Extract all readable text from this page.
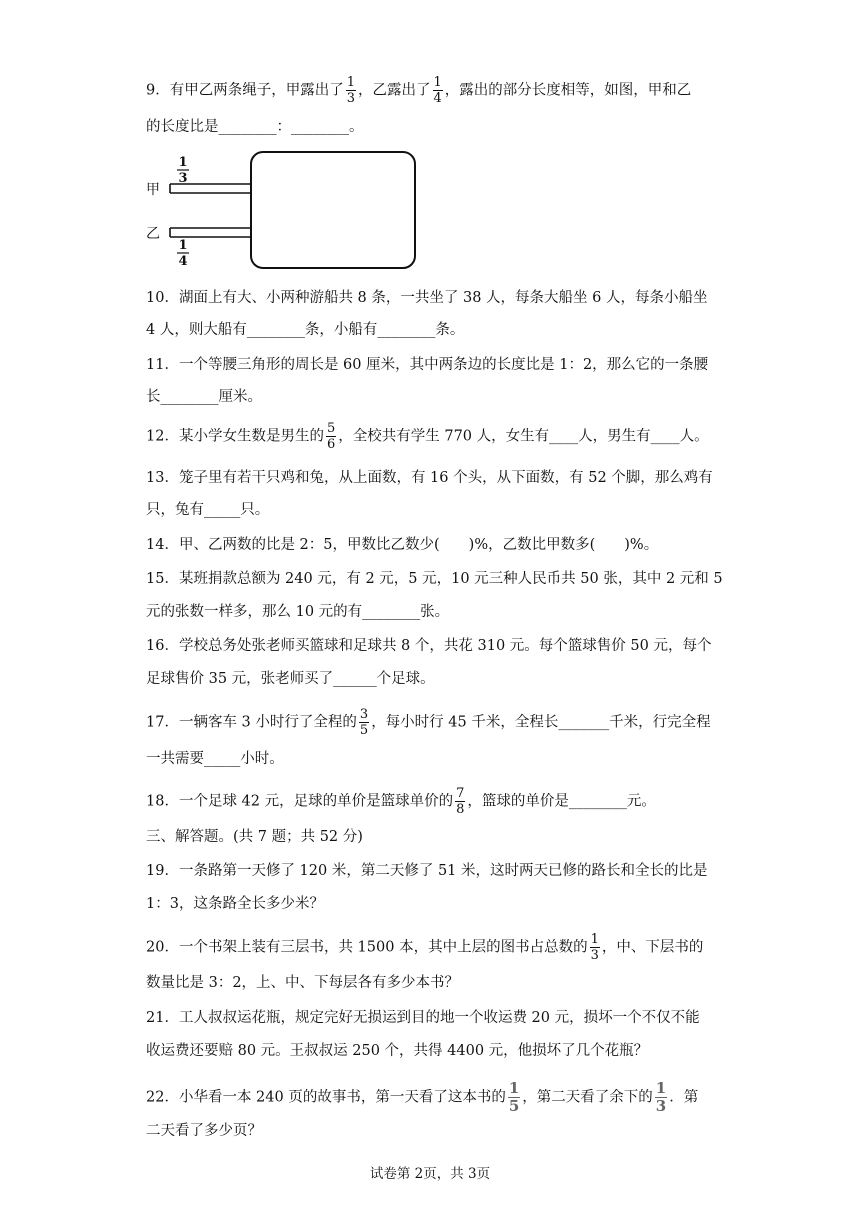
9．有甲乙两条绳子，甲露出了 $\frac{1}{3}$ ，乙露出了 $\frac{1}{4}$ ，露出的部分长度相等，如图，甲和乙
的长度比是________：________。
甲
乙
1
3
1
4
10．湖面上有大、小两种游船共 8 条，一共坐了 38 人，每条大船坐 6 人，每条小船坐
4 人，则大船有________条，小船有________条。
11．一个等腰三角形的周长是 60 厘米，其中两条边的长度比是 1：2，那么它的一条腰
长________厘米。
12．某小学女生数是男生的 $\frac{5}{6}$ ，全校共有学生 770 人，女生有____人，男生有____人。
13．笼子里有若干只鸡和兔，从上面数，有 16 个头，从下面数，有 52 个脚，那么鸡有
只，兔有_____只。
14．甲、乙两数的比是 2：5，甲数比乙数少(　　)%，乙数比甲数多(　　)%。
15．某班捐款总额为 240 元，有 2 元，5 元，10 元三种人民币共 50 张，其中 2 元和 5
元的张数一样多，那么 10 元的有________张。
16．学校总务处张老师买篮球和足球共 8 个，共花 310 元。每个篮球售价 50 元，每个
足球售价 35 元，张老师买了______个足球。
17．一辆客车 3 小时行了全程的 $\frac{3}{5}$ ，每小时行 45 千米，全程长_______千米，行完全程
一共需要_____小时。
18．一个足球 42 元，足球的单价是篮球单价的 $\frac{7}{8}$ ，篮球的单价是________元。
三、解答题。(共 7 题；共 52 分)
19．一条路第一天修了 120 米，第二天修了 51 米，这时两天已修的路长和全长的比是
1：3，这条路全长多少米？
20．一个书架上装有三层书，共 1500 本，其中上层的图书占总数的 $\frac{1}{3}$ ，中、下层书的
数量比是 3：2，上、中、下每层各有多少本书？
21．工人叔叔运花瓶，规定完好无损运到目的地一个收运费 20 元，损坏一个不仅不能
收运费还要赔 80 元。王叔叔运 250 个，共得 4400 元，他损坏了几个花瓶？
22．小华看一本 240 页的故事书，第一天看了这本书的 $\frac{1}{5}$ ，第二天看了余下的 $\frac{1}{3}$ ．第
二天看了多少页？
试卷第 2页，共 3页
